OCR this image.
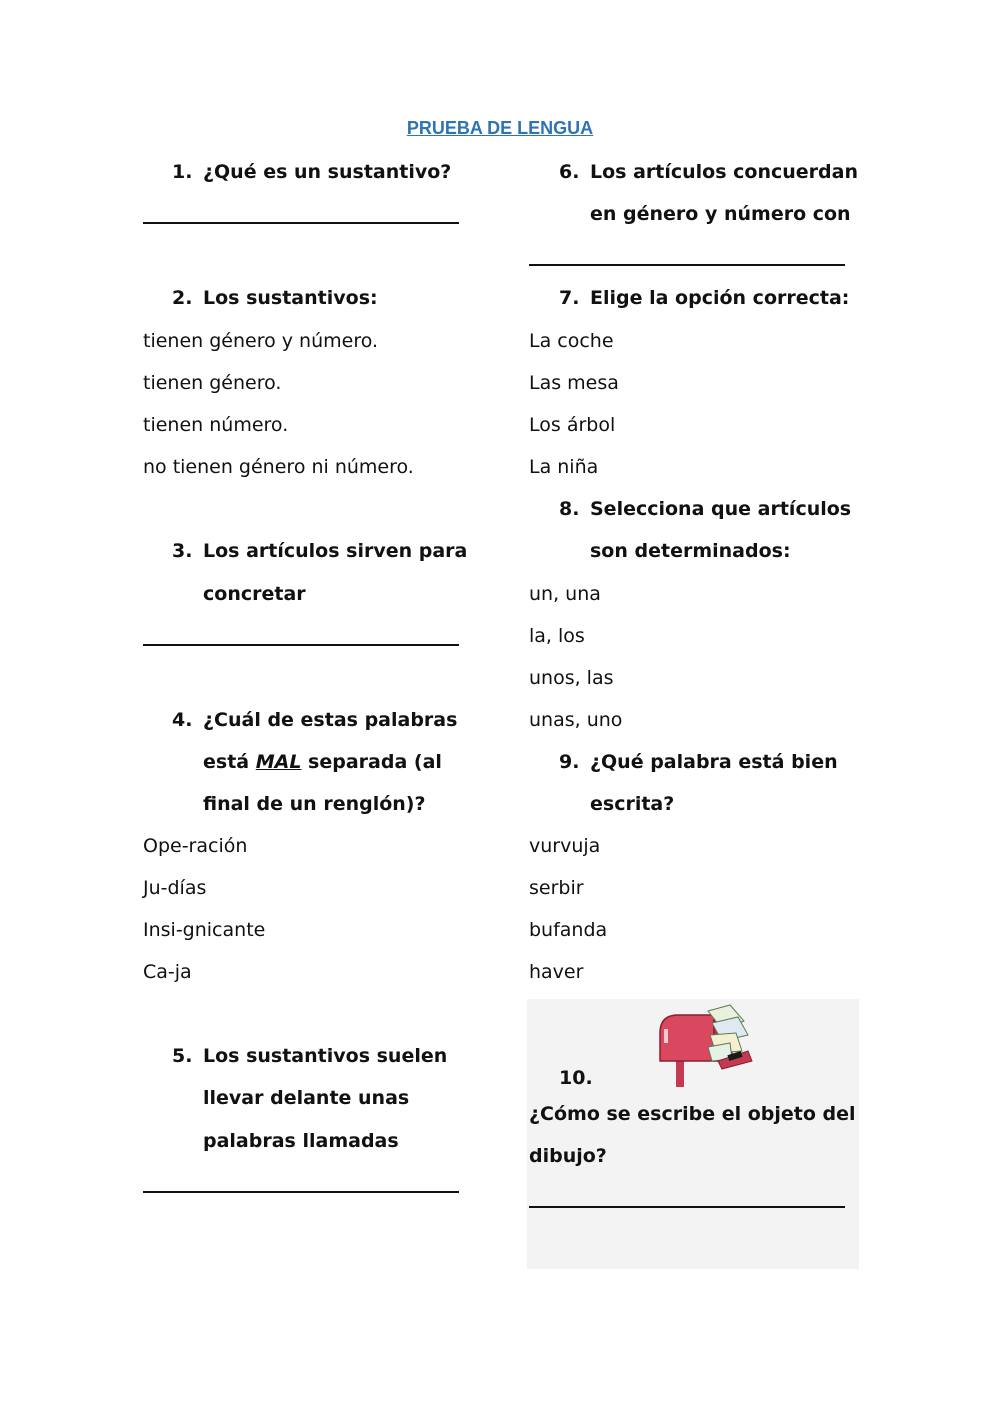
PRUEBA DE LENGUA
1. ¿Qué es un sustantivo?
2. Los sustantivos:
tienen género y número.
tienen género.
tienen número.
no tienen género ni número.
3. Los artículos sirven para
concretar
4. ¿Cuál de estas palabras
está MAL separada (al
final de un renglón)?
Ope-ración
Ju-días
Insi-gnicante
Ca-ja
5. Los sustantivos suelen
llevar delante unas
palabras llamadas
6. Los artículos concuerdan
en género y número con
7. Elige la opción correcta:
La coche
Las mesa
Los árbol
La niña
8. Selecciona que artículos
son determinados:
un, una
la, los
unos, las
unas, uno
9. ¿Qué palabra está bien
escrita?
vurvuja
serbir
bufanda
haver
10.
¿Cómo se escribe el objeto del
dibujo?
